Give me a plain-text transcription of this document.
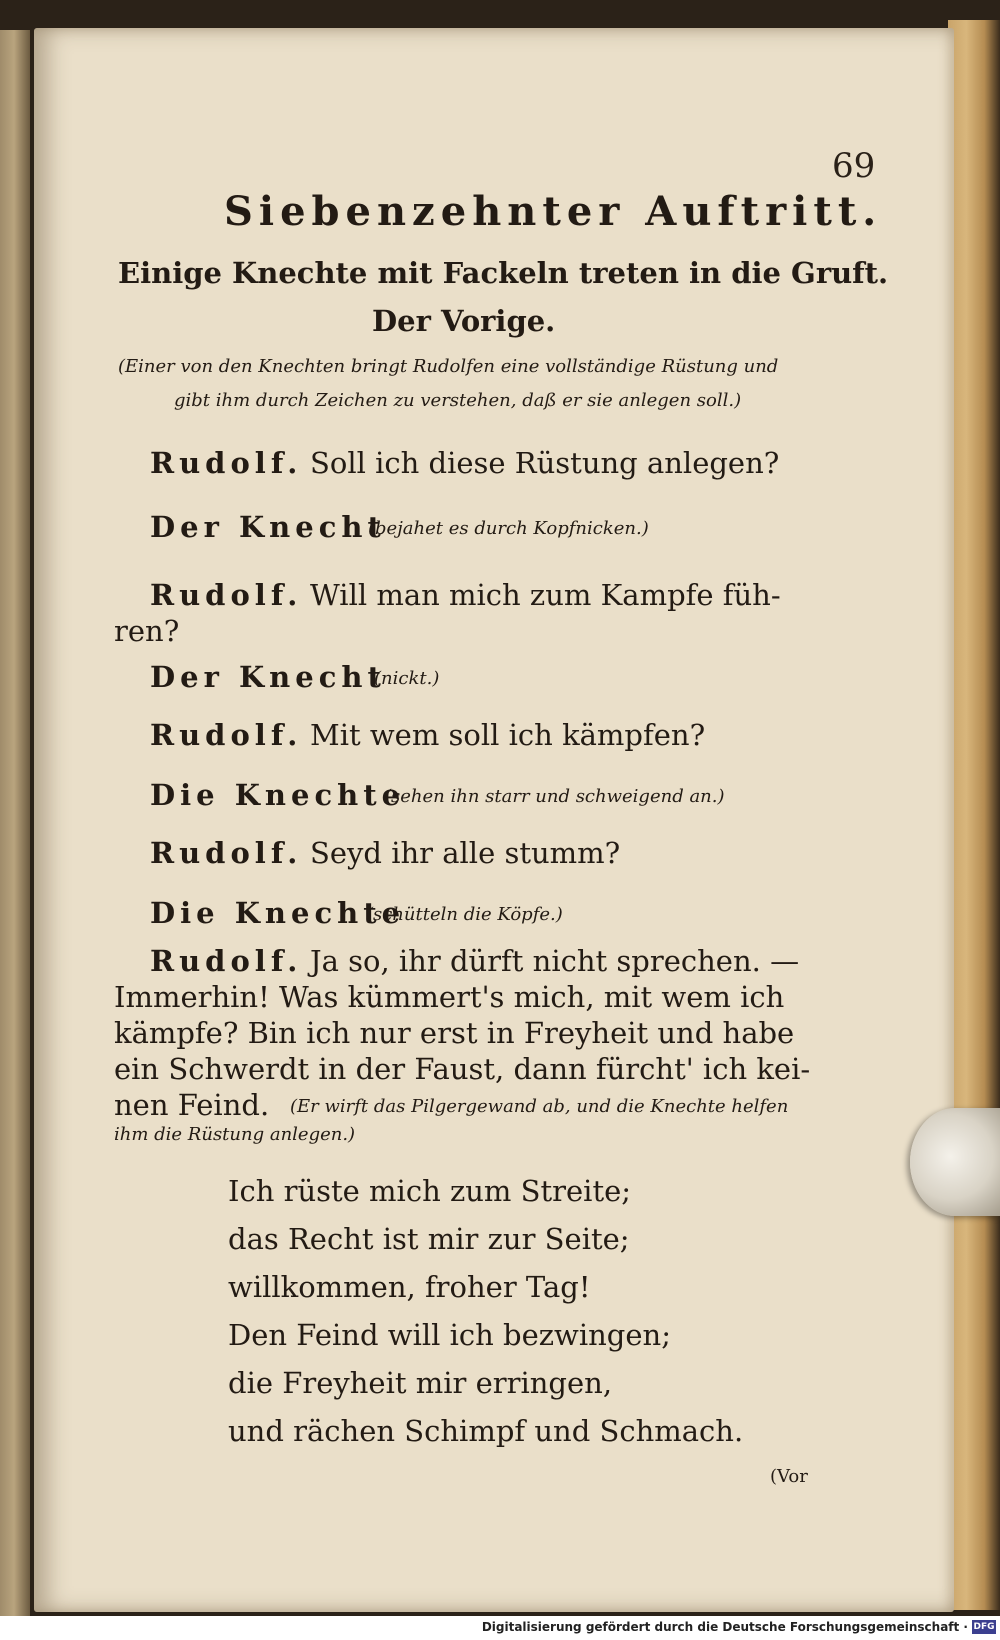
69
Siebenzehnter Auftritt.
Einige Knechte mit Fackeln treten in die Gruft.
Der Vorige.
(Einer von den Knechten bringt Rudolfen eine vollständige Rüstung und
gibt ihm durch Zeichen zu verstehen, daß er sie anlegen soll.)
Rudolf. Soll ich diese Rüstung anlegen?
Der Knecht
(bejahet es durch Kopfnicken.)
Rudolf. Will man mich zum Kampfe füh-
ren?
Der Knecht
(nickt.)
Rudolf. Mit wem soll ich kämpfen?
Die Knechte
(sehen ihn starr und schweigend an.)
Rudolf. Seyd ihr alle stumm?
Die Knechte
(schütteln die Köpfe.)
Rudolf. Ja so, ihr dürft nicht sprechen. —
Immerhin! Was kümmert's mich, mit wem ich
kämpfe? Bin ich nur erst in Freyheit und habe
ein Schwerdt in der Faust, dann fürcht' ich kei-
nen Feind. (Er wirft das Pilgergewand ab, und die Knechte helfen
ihm die Rüstung anlegen.)
Ich rüste mich zum Streite;
das Recht ist mir zur Seite;
willkommen, froher Tag!
Den Feind will ich bezwingen;
die Freyheit mir erringen,
und rächen Schimpf und Schmach.
(Vor
Digitalisierung gefördert durch die Deutsche Forschungsgemeinschaft · DFG
